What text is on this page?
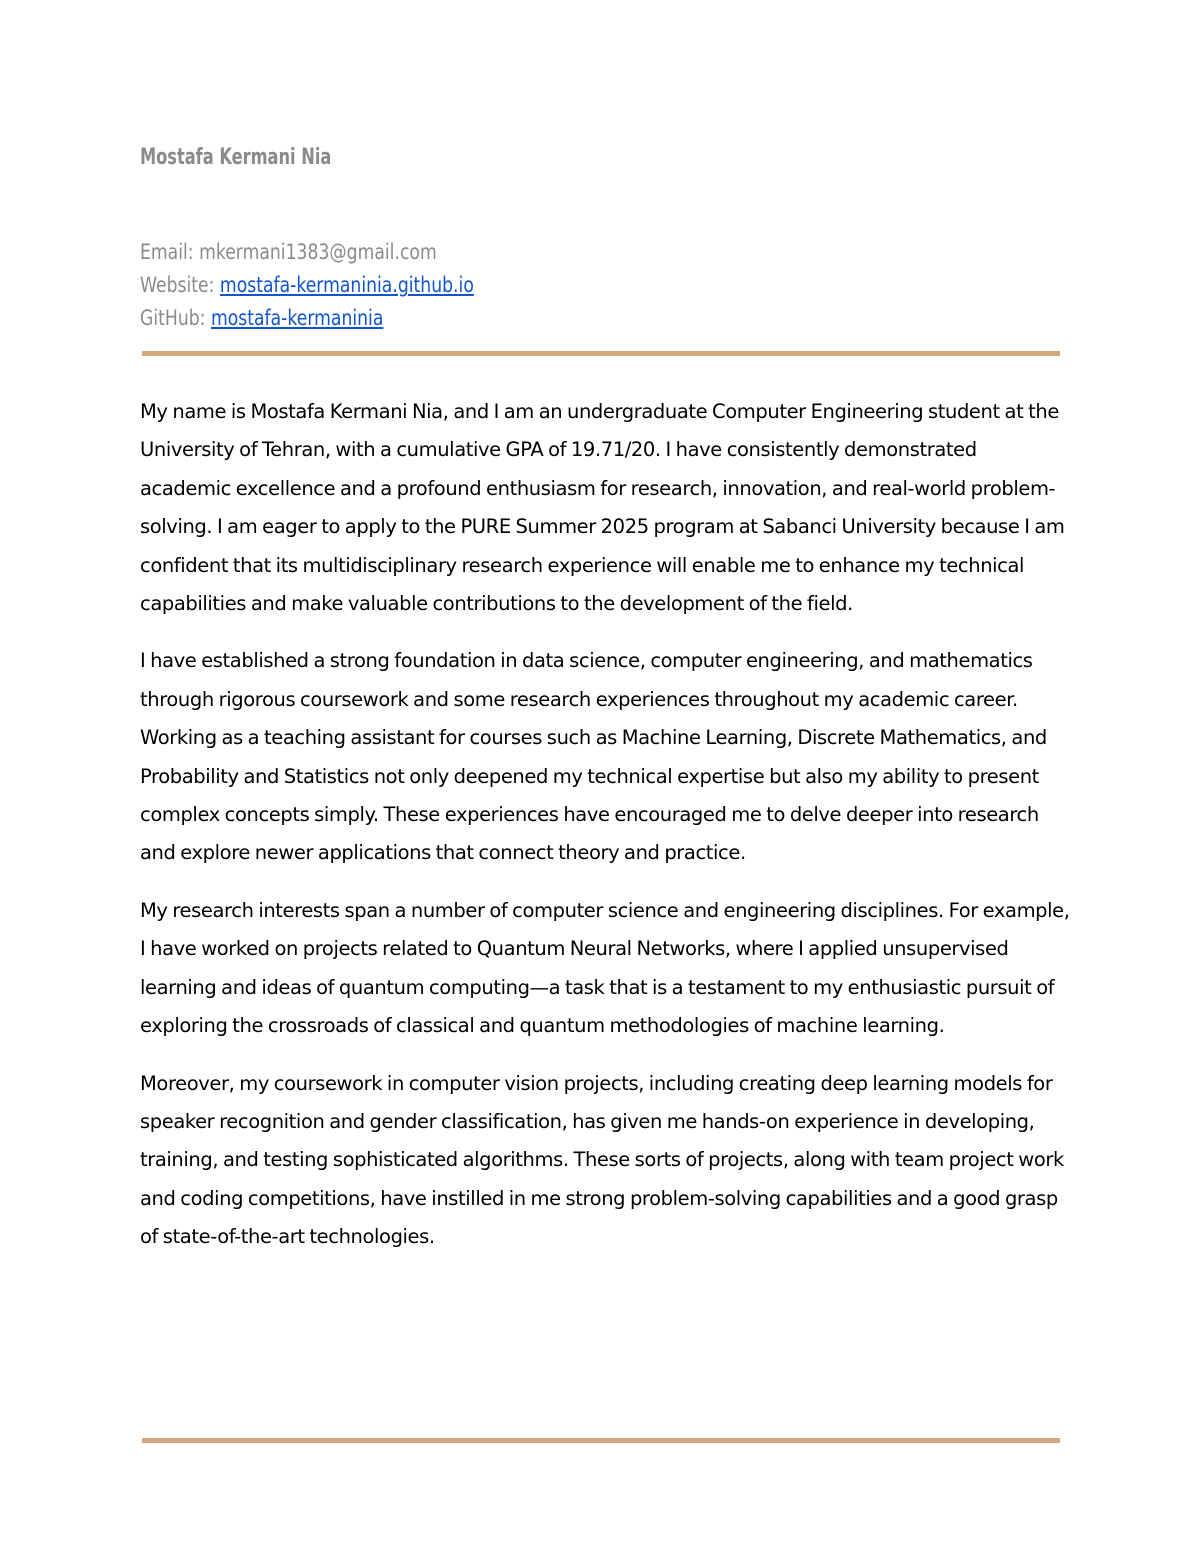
Mostafa Kermani Nia
Email: mkermani1383@gmail.com
Website: mostafa-kermaninia.github.io
GitHub: mostafa-kermaninia

My name is Mostafa Kermani Nia, and I am an undergraduate Computer Engineering student at the University of Tehran, with a cumulative GPA of 19.71/20. I have consistently demonstrated academic excellence and a profound enthusiasm for research, innovation, and real-world problem-solving. I am eager to apply to the PURE Summer 2025 program at Sabanci University because I am confident that its multidisciplinary research experience will enable me to enhance my technical capabilities and make valuable contributions to the development of the field.

I have established a strong foundation in data science, computer engineering, and mathematics through rigorous coursework and some research experiences throughout my academic career. Working as a teaching assistant for courses such as Machine Learning, Discrete Mathematics, and Probability and Statistics not only deepened my technical expertise but also my ability to present complex concepts simply. These experiences have encouraged me to delve deeper into research and explore newer applications that connect theory and practice.

My research interests span a number of computer science and engineering disciplines. For example, I have worked on projects related to Quantum Neural Networks, where I applied unsupervised learning and ideas of quantum computing—a task that is a testament to my enthusiastic pursuit of exploring the crossroads of classical and quantum methodologies of machine learning.

Moreover, my coursework in computer vision projects, including creating deep learning models for speaker recognition and gender classification, has given me hands-on experience in developing, training, and testing sophisticated algorithms. These sorts of projects, along with team project work and coding competitions, have instilled in me strong problem-solving capabilities and a good grasp of state-of-the-art technologies.
